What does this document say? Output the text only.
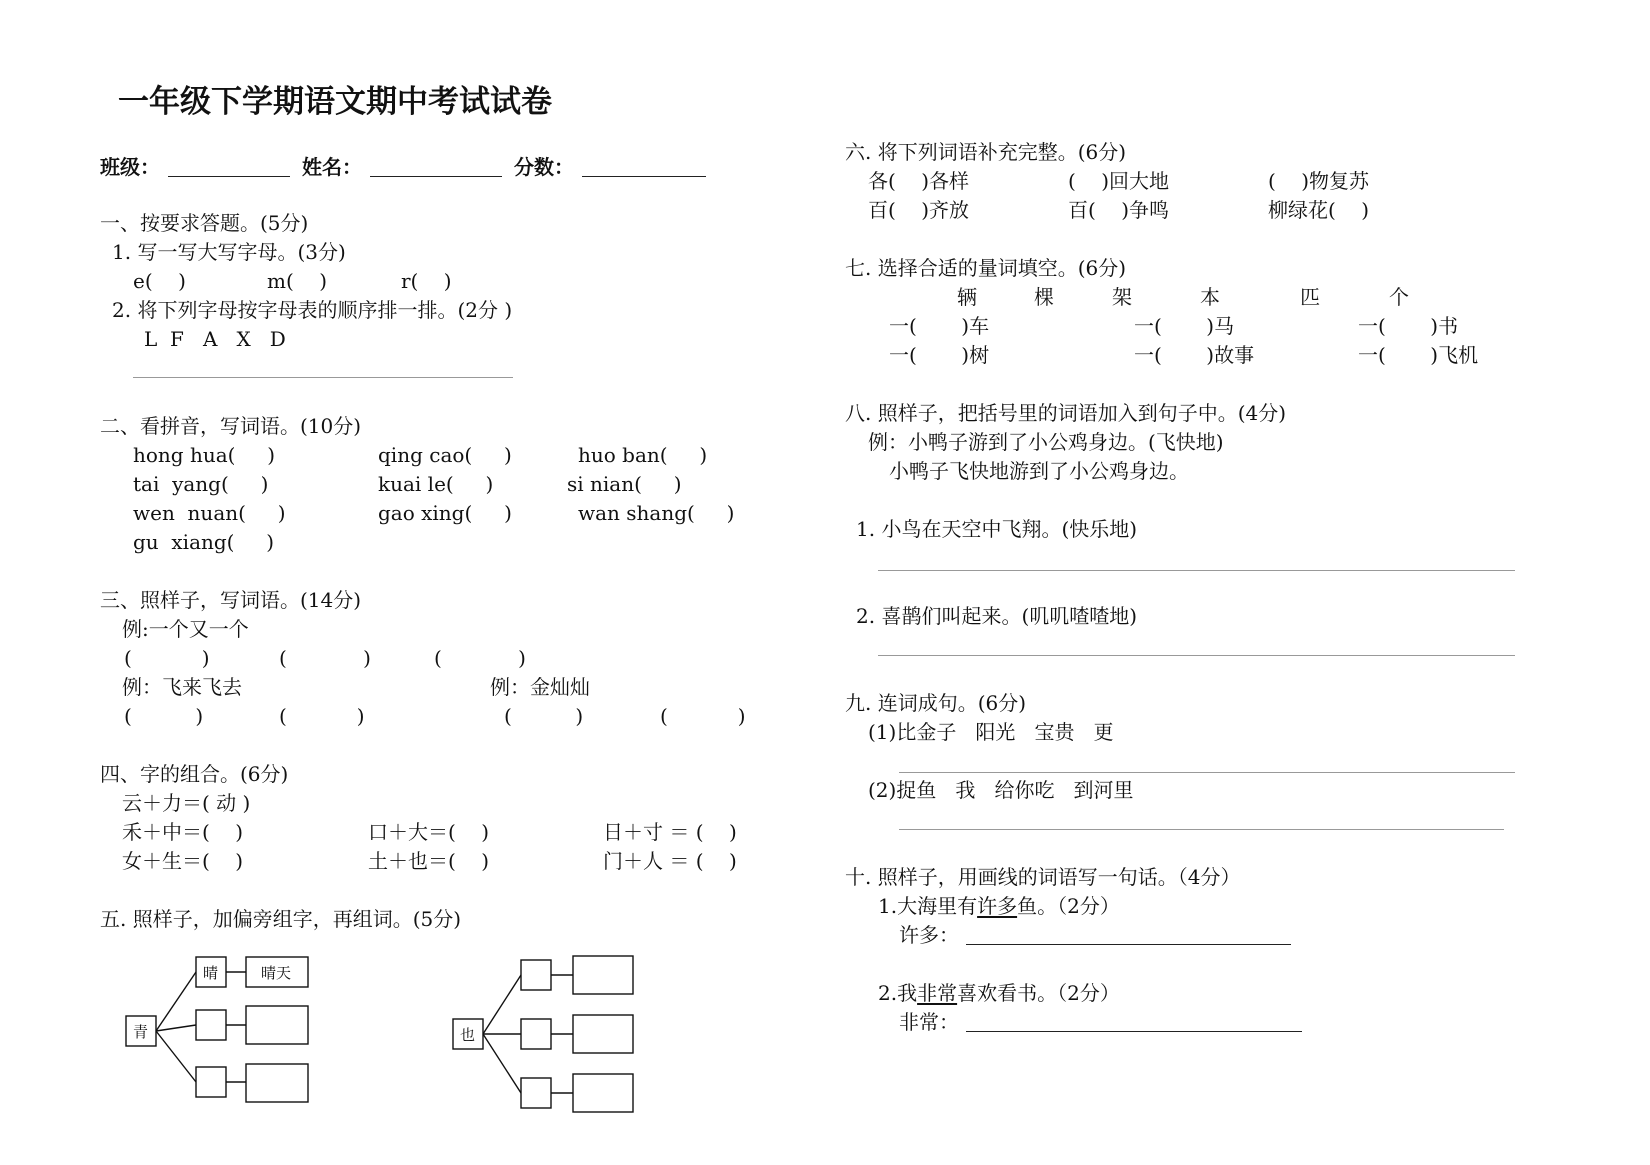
一年级下学期语文期中考试试卷
班级：	姓名：	分数：
一、按要求答题。(5分)
1. 写一写大写字母。(3分)
e(    )	m(    )	r(    )
2. 将下列字母按字母表的顺序排一排。(2分 )
L  F   A   X   D
二、看拼音，写词语。(10分)
hong hua(     )	qing cao(     )	huo ban(     )
tai  yang(     )	kuai le(     )	si nian(     )
wen  nuan(     )	gao xing(     )	wan shang(     )
gu  xiang(     )
三、照样子，写词语。(14分)
例:一个又一个
(           )	(            )	(            )
例：飞来飞去	例：金灿灿
(          )	(           )	(          )	(           )
四、字的组合。(6分)
云＋力＝( 动 )
禾＋中＝(    )	口＋大＝(    )	日＋寸 ＝ (    )
女＋生＝(    )	土＋也＝(    )	门＋人 ＝ (    )
五. 照样子，加偏旁组字，再组词。(5分)
青
晴	晴天
也
六. 将下列词语补充完整。(6分)
各(    )各样	(    )回大地	(    )物复苏
百(    )齐放	百(    )争鸣	柳绿花(    )
七. 选择合适的量词填空。(6分)
辆	棵	架	本	匹	个
一(       )车	一(       )马	一(       )书
一(       )树	一(       )故事	一(       )飞机
八. 照样子，把括号里的词语加入到句子中。(4分)
例：小鸭子游到了小公鸡身边。(飞快地)
小鸭子飞快地游到了小公鸡身边。
1. 小鸟在天空中飞翔。(快乐地)
2. 喜鹊们叫起来。(叽叽喳喳地)
九. 连词成句。(6分)
(1)比金子   阳光   宝贵   更
(2)捉鱼   我   给你吃   到河里
十. 照样子，用画线的词语写一句话。（4分）
1.大海里有许多鱼。（2分）
许多：
2.我非常喜欢看书。（2分）
非常：
